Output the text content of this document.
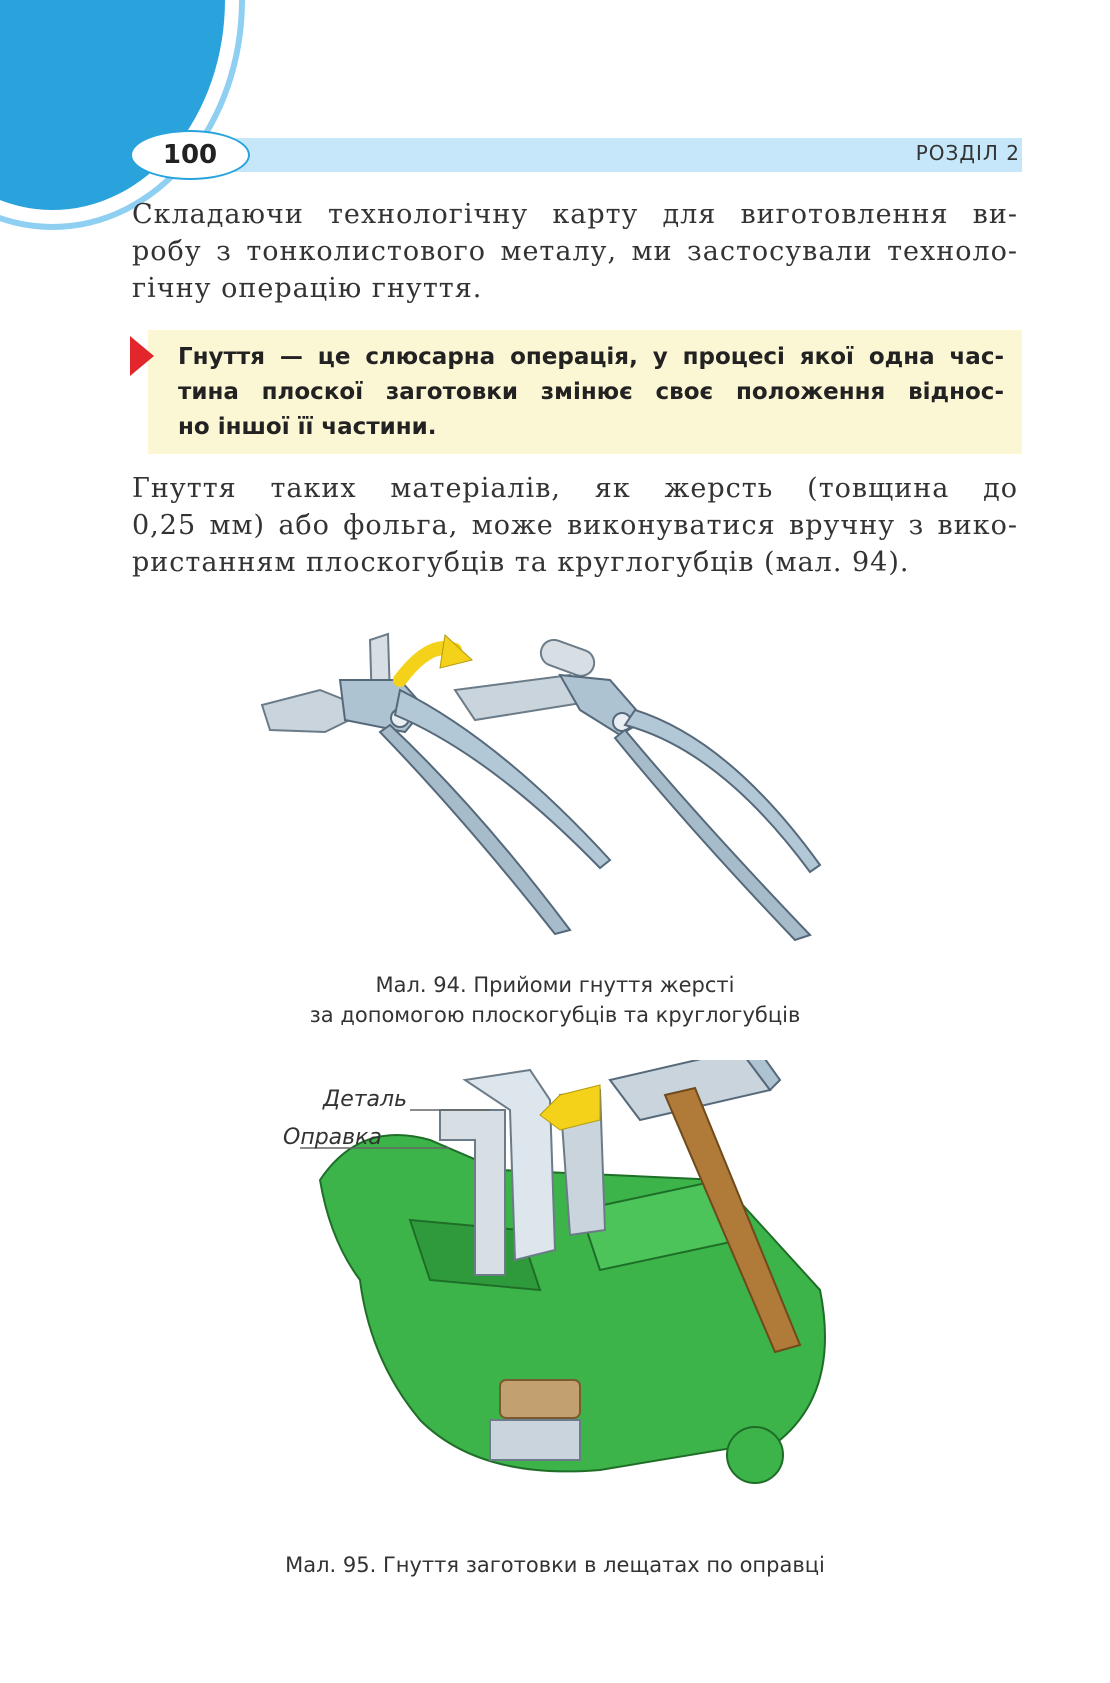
100	РОЗДІЛ 2

Складаючи технологічну карту для виготовлення ви-
робу з тонколистового металу, ми застосували техноло-
гічну операцію гнуття.

Гнуття — це слюсарна операція, у процесі якої одна час-
тина плоскої заготовки змінює своє положення віднос-
но іншої її частини.

Гнуття таких матеріалів, як жерсть (товщина до
0,25 мм) або фольга, може виконуватися вручну з вико-
ристанням плоскогубців та круглогубців (мал. 94).

Мал. 94. Прийоми гнуття жерсті
за допомогою плоскогубців та круглогубців
Деталь
Оправка
Мал. 95. Гнуття заготовки в лещатах по оправці
